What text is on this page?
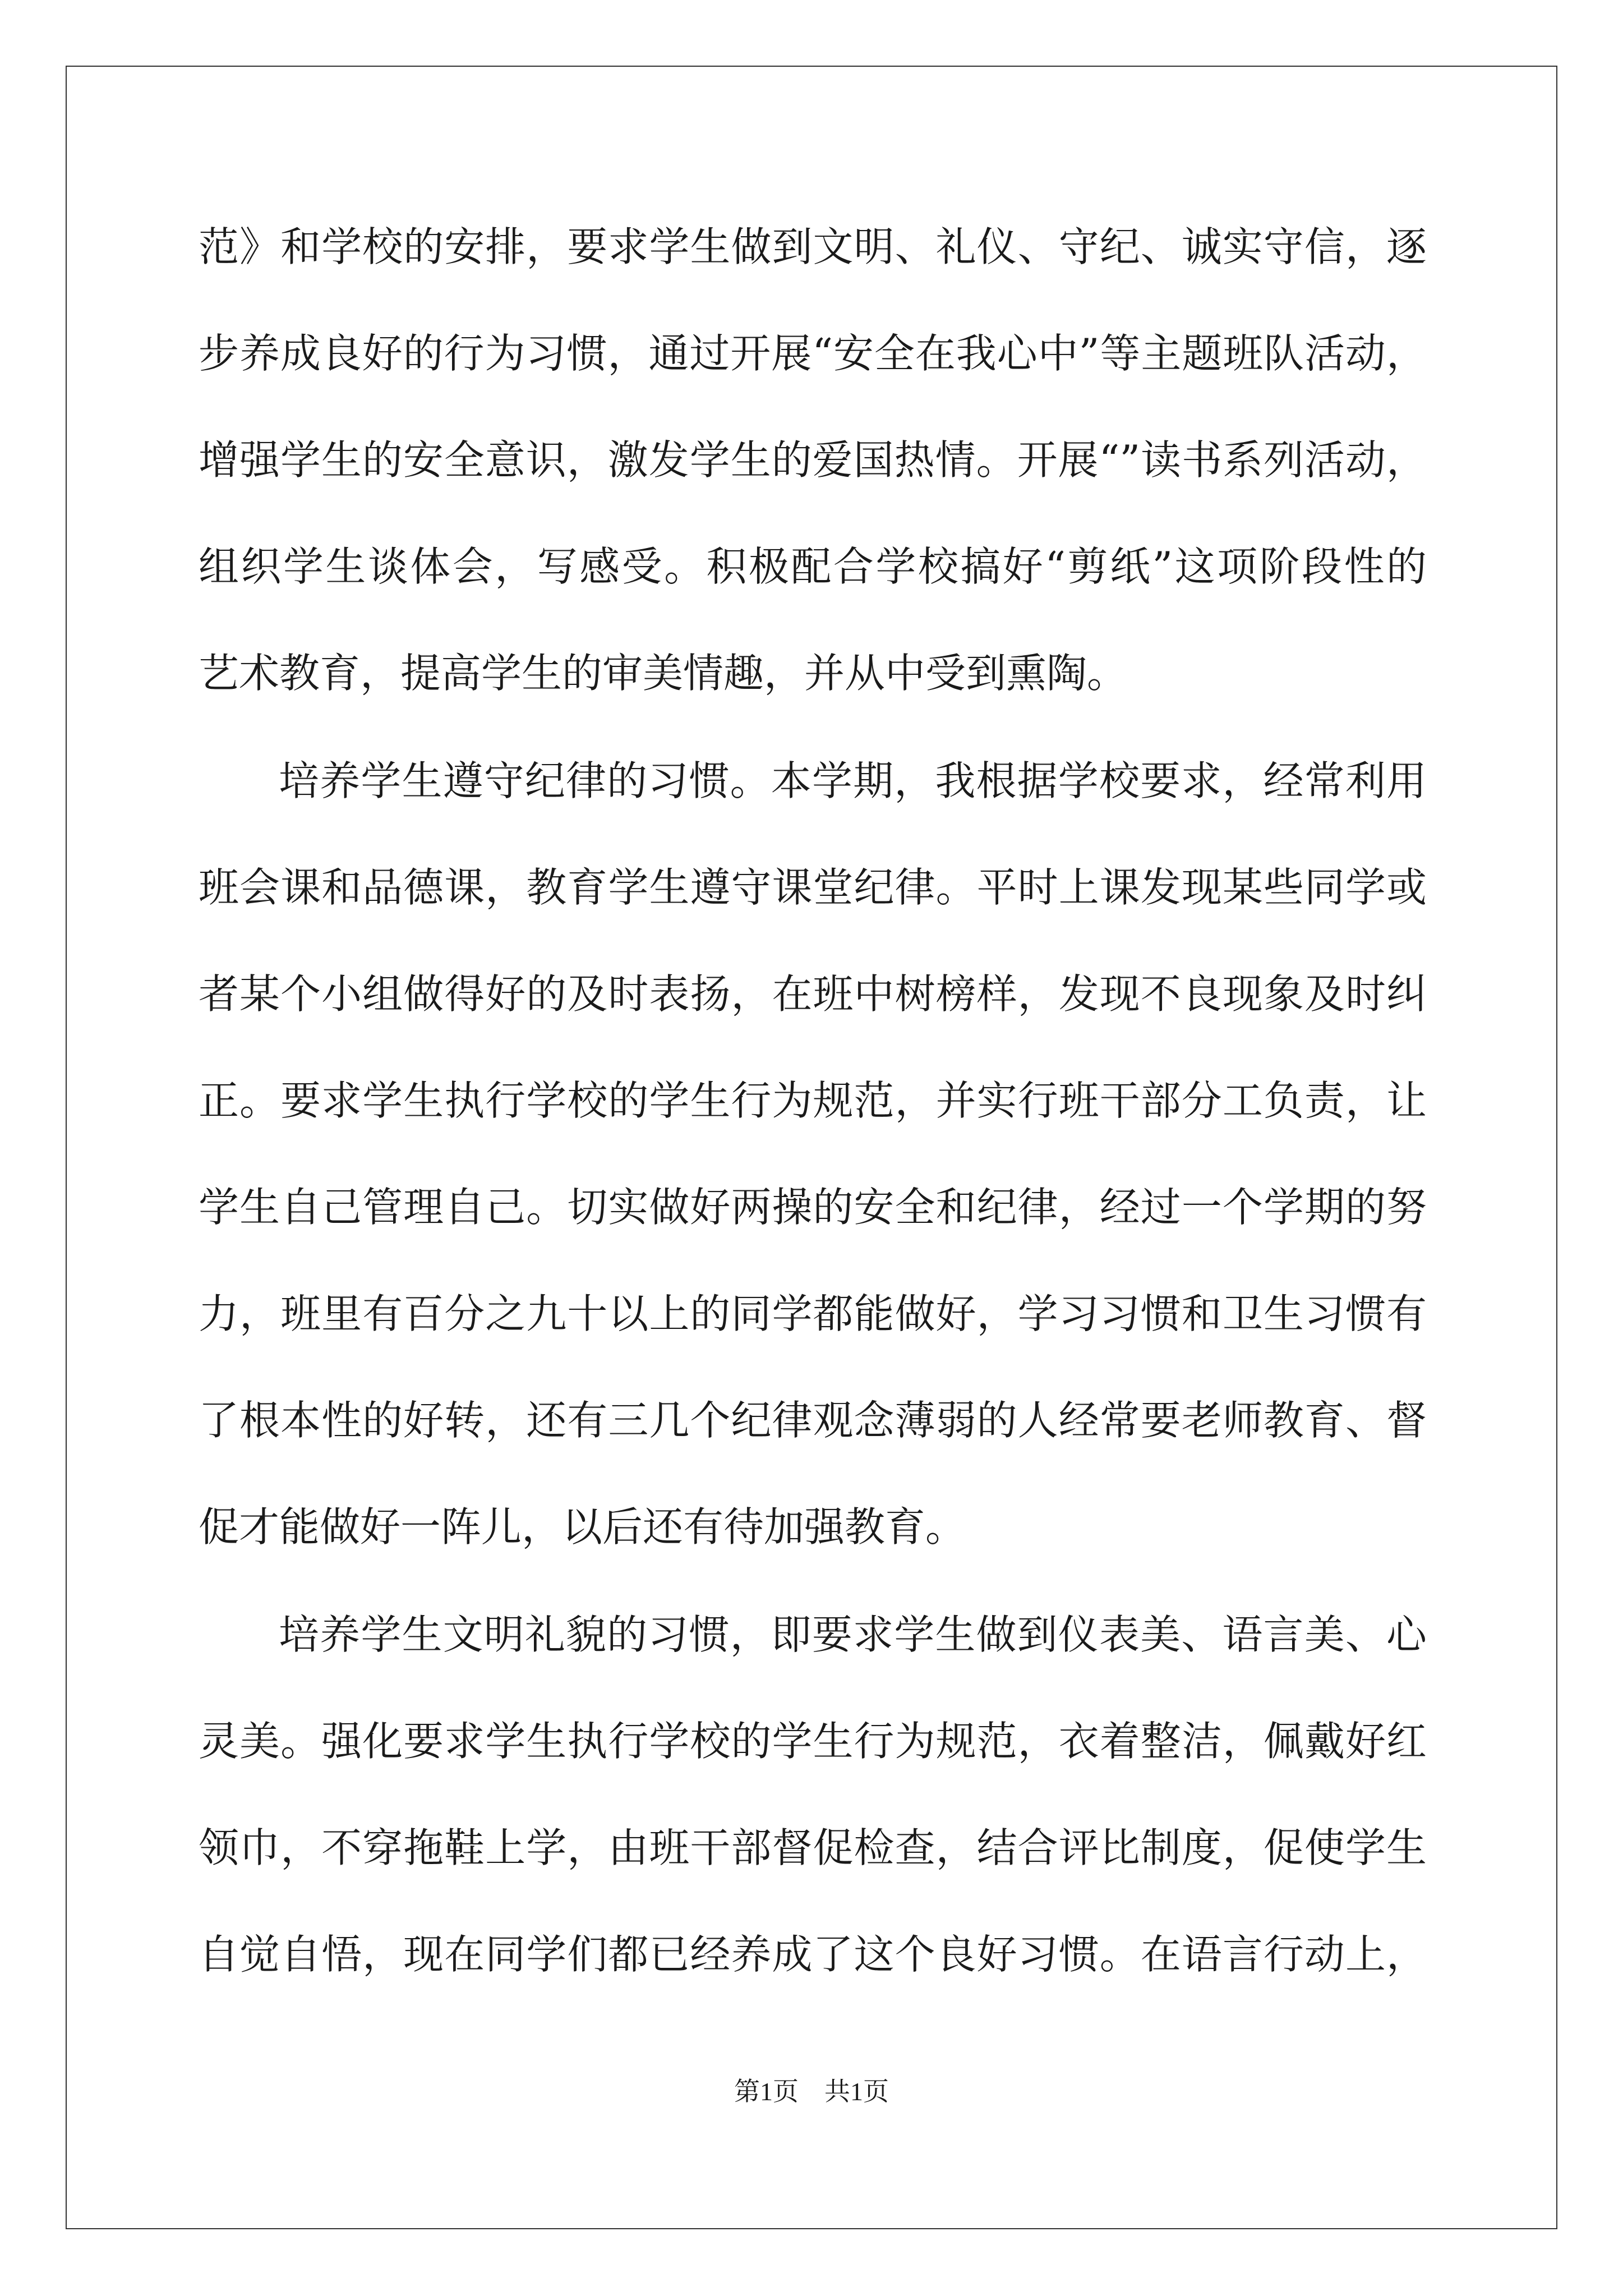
范》和学校的安排，要求学生做到文明、礼仪、守纪、诚实守信，逐

步养成良好的行为习惯，通过开展“安全在我心中”等主题班队活动，

增强学生的安全意识，激发学生的爱国热情。开展“”读书系列活动，

组织学生谈体会，写感受。积极配合学校搞好“剪纸”这项阶段性的

艺术教育，提高学生的审美情趣，并从中受到熏陶。

培养学生遵守纪律的习惯。本学期，我根据学校要求，经常利用

班会课和品德课，教育学生遵守课堂纪律。平时上课发现某些同学或

者某个小组做得好的及时表扬，在班中树榜样，发现不良现象及时纠

正。要求学生执行学校的学生行为规范，并实行班干部分工负责，让

学生自己管理自己。切实做好两操的安全和纪律，经过一个学期的努

力，班里有百分之九十以上的同学都能做好，学习习惯和卫生习惯有

了根本性的好转，还有三几个纪律观念薄弱的人经常要老师教育、督

促才能做好一阵儿，以后还有待加强教育。

培养学生文明礼貌的习惯，即要求学生做到仪表美、语言美、心

灵美。强化要求学生执行学校的学生行为规范，衣着整洁，佩戴好红

领巾，不穿拖鞋上学，由班干部督促检查，结合评比制度，促使学生

自觉自悟，现在同学们都已经养成了这个良好习惯。在语言行动上，

第1页 共1页
